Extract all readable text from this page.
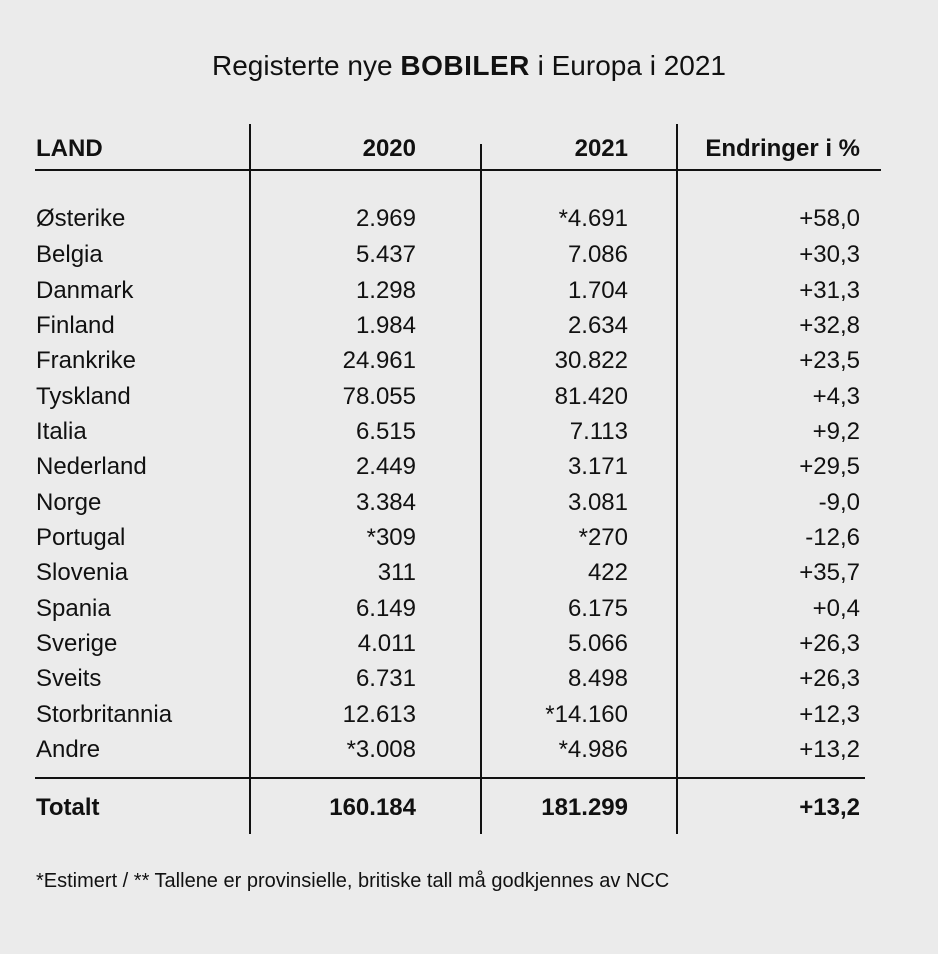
Registerte nye BOBILER i Europa i 2021
LAND	2020	2021	Endringer i %
Østerike	2.969	*4.691	+58,0
Belgia	5.437	7.086	+30,3
Danmark	1.298	1.704	+31,3
Finland	1.984	2.634	+32,8
Frankrike	24.961	30.822	+23,5
Tyskland	78.055	81.420	+4,3
Italia	6.515	7.113	+9,2
Nederland	2.449	3.171	+29,5
Norge	3.384	3.081	-9,0
Portugal	*309	*270	-12,6
Slovenia	311	422	+35,7
Spania	6.149	6.175	+0,4
Sverige	4.011	5.066	+26,3
Sveits	6.731	8.498	+26,3
Storbritannia	12.613	*14.160	+12,3
Andre	*3.008	*4.986	+13,2
Totalt	160.184	181.299	+13,2
*Estimert / ** Tallene er provinsielle, britiske tall må godkjennes av NCC
